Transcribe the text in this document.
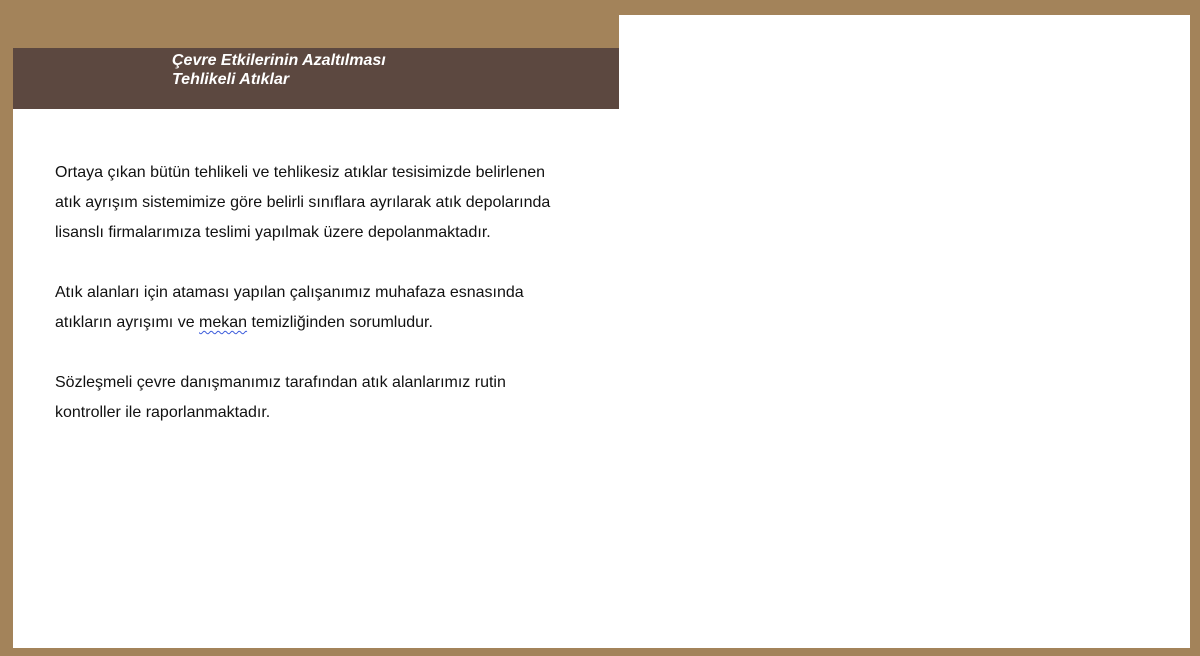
Çevre Etkilerinin Azaltılması
Tehlikeli Atıklar

Ortaya çıkan bütün tehlikeli ve tehlikesiz atıklar tesisimizde belirlenen
atık ayrışım sistemimize göre belirli sınıflara ayrılarak atık depolarında
lisanslı firmalarımıza teslimi yapılmak üzere depolanmaktadır.

Atık alanları için ataması yapılan çalışanımız muhafaza esnasında
atıkların ayrışımı ve mekan temizliğinden sorumludur.

Sözleşmeli çevre danışmanımız tarafından atık alanlarımız rutin
kontroller ile raporlanmaktadır.
